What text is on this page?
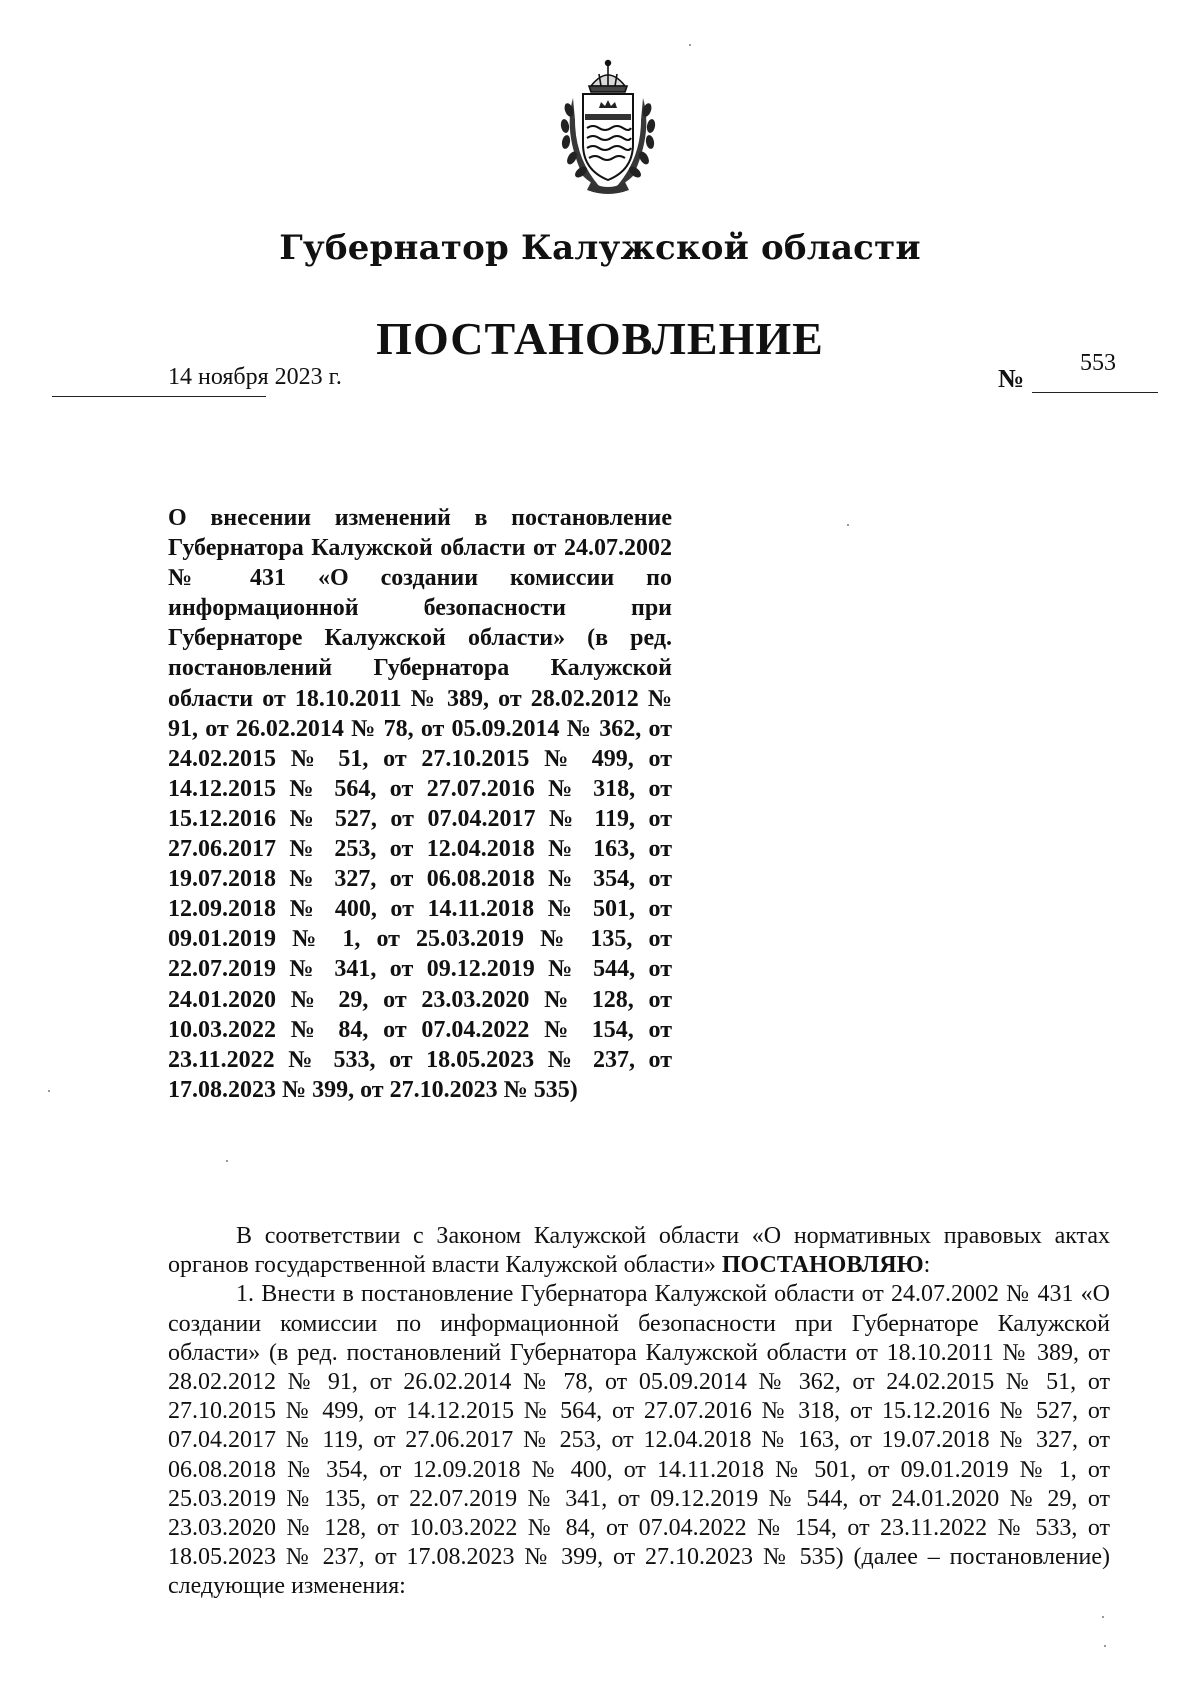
Губернатор Калужской области
ПОСТАНОВЛЕНИЕ
14 ноября 2023 г.	№
553

О внесении изменений в постановление Губернатора Калужской области от 24.07.2002 № 431 «О создании комиссии по информационной безопасности при Губернаторе Калужской области» (в ред. постановлений Губернатора Калужской области от 18.10.2011 № 389, от 28.02.2012 № 91, от 26.02.2014 № 78, от 05.09.2014 № 362, от 24.02.2015 № 51, от 27.10.2015 № 499, от 14.12.2015 № 564, от 27.07.2016 № 318, от 15.12.2016 № 527, от 07.04.2017 № 119, от 27.06.2017 № 253, от 12.04.2018 № 163, от 19.07.2018 № 327, от 06.08.2018 № 354, от 12.09.2018 № 400, от 14.11.2018 № 501, от 09.01.2019 № 1, от 25.03.2019 № 135, от 22.07.2019 № 341, от 09.12.2019 № 544, от 24.01.2020 № 29, от 23.03.2020 № 128, от 10.03.2022 № 84, от 07.04.2022 № 154, от 23.11.2022 № 533, от 18.05.2023 № 237, от 17.08.2023 № 399, от 27.10.2023 № 535)

В соответствии с Законом Калужской области «О нормативных правовых актах органов государственной власти Калужской области» ПОСТАНОВЛЯЮ:

1. Внести в постановление Губернатора Калужской области от 24.07.2002 № 431 «О создании комиссии по информационной безопасности при Губернаторе Калужской области» (в ред. постановлений Губернатора Калужской области от 18.10.2011 № 389, от 28.02.2012 № 91, от 26.02.2014 № 78, от 05.09.2014 № 362, от 24.02.2015 № 51, от 27.10.2015 № 499, от 14.12.2015 № 564, от 27.07.2016 № 318, от 15.12.2016 № 527, от 07.04.2017 № 119, от 27.06.2017 № 253, от 12.04.2018 № 163, от 19.07.2018 № 327, от 06.08.2018 № 354, от 12.09.2018 № 400, от 14.11.2018 № 501, от 09.01.2019 № 1, от 25.03.2019 № 135, от 22.07.2019 № 341, от 09.12.2019 № 544, от 24.01.2020 № 29, от 23.03.2020 № 128, от 10.03.2022 № 84, от 07.04.2022 № 154, от 23.11.2022 № 533, от 18.05.2023 № 237, от 17.08.2023 № 399, от 27.10.2023 № 535) (далее – постановление) следующие изменения:
